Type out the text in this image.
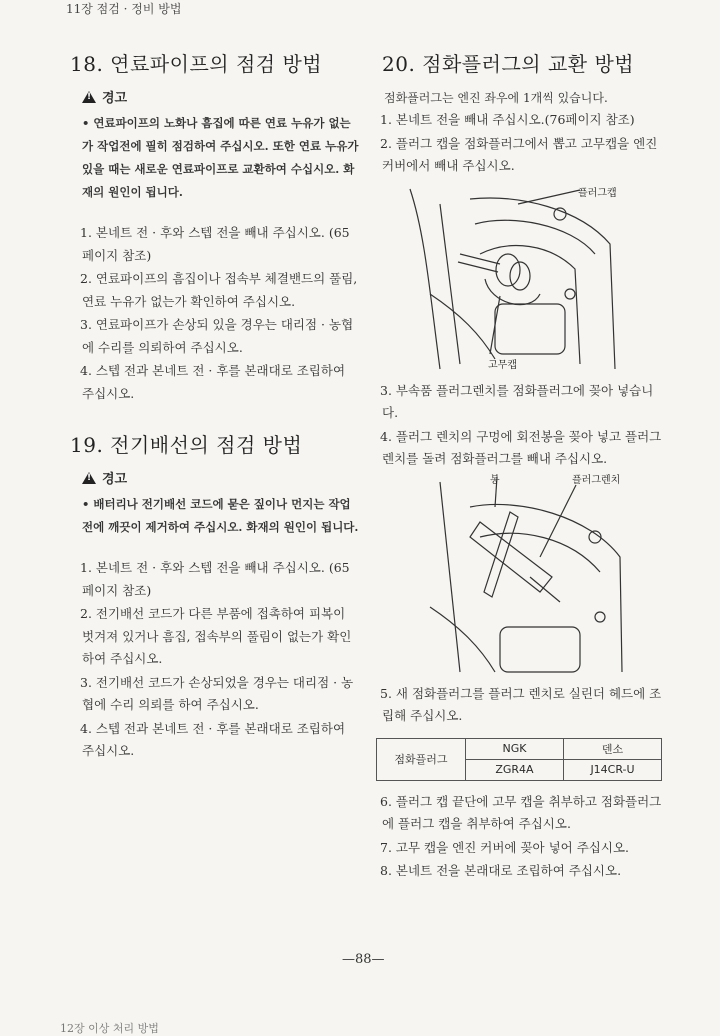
11장 점검 · 정비 방법
18. 연료파이프의 점검 방법
!
경고
• 연료파이프의 노화나 흠집에 따른 연료 누유가 없는가 작업전에 필히 점검하여 주십시오. 또한 연료 누유가 있을 때는 새로운 연료파이프로 교환하여 수십시오. 화재의 원인이 됩니다.
1. 본네트 전 · 후와 스텝 전을 빼내 주십시오. (65페이지 참조)
2. 연료파이프의 흠집이나 접속부 체결밴드의 풀림, 연료 누유가 없는가 확인하여 주십시오.
3. 연료파이프가 손상되 있을 경우는 대리점 · 농협에 수리를 의뢰하여 주십시오.
4. 스텝 전과 본네트 전 · 후를 본래대로 조립하여 주십시오.
19. 전기배선의 점검 방법
!
경고
• 배터리나 전기배선 코드에 묻은 짚이나 먼지는 작업 전에 깨끗이 제거하여 주십시오. 화재의 원인이 됩니다.
1. 본네트 전 · 후와 스텝 전을 빼내 주십시오. (65페이지 참조)
2. 전기배선 코드가 다른 부품에 접촉하여 피복이 벗겨져 있거나 흠집, 접속부의 풀림이 없는가 확인하여 주십시오.
3. 전기배선 코드가 손상되었을 경우는 대리점 · 농협에 수리 의뢰를 하여 주십시오.
4. 스텝 전과 본네트 전 · 후를 본래대로 조립하여 주십시오.
20. 점화플러그의 교환 방법

점화플러그는 엔진 좌우에 1개씩 있습니다.

1. 본네트 전을 빼내 주십시오.(76페이지 참조)
2. 플러그 캡을 점화플러그에서 뽑고 고무캡을 엔진 커버에서 빼내 주십시오.
플러그캡
고무캡
3. 부속품 플러그렌치를 점화플러그에 꽂아 넣습니다.
4. 플러그 렌치의 구멍에 회전봉을 꽂아 넣고 플러그 렌치를 돌려 점화플러그를 빼내 주십시오.
봉	플러그렌치
5. 새 점화플러그를 플러그 렌치로 실린더 헤드에 조립해 주십시오.
점화플러그	NGK	덴소
	ZGR4A	J14CR-U
6. 플러그 캡 끝단에 고무 캡을 취부하고 점화플러그에 플러그 캡을 취부하여 주십시오.
7. 고무 캡을 엔진 커버에 꽂아 넣어 주십시오.
8. 본네트 전을 본래대로 조립하여 주십시오.
—88—
12장 이상 처리 방법
